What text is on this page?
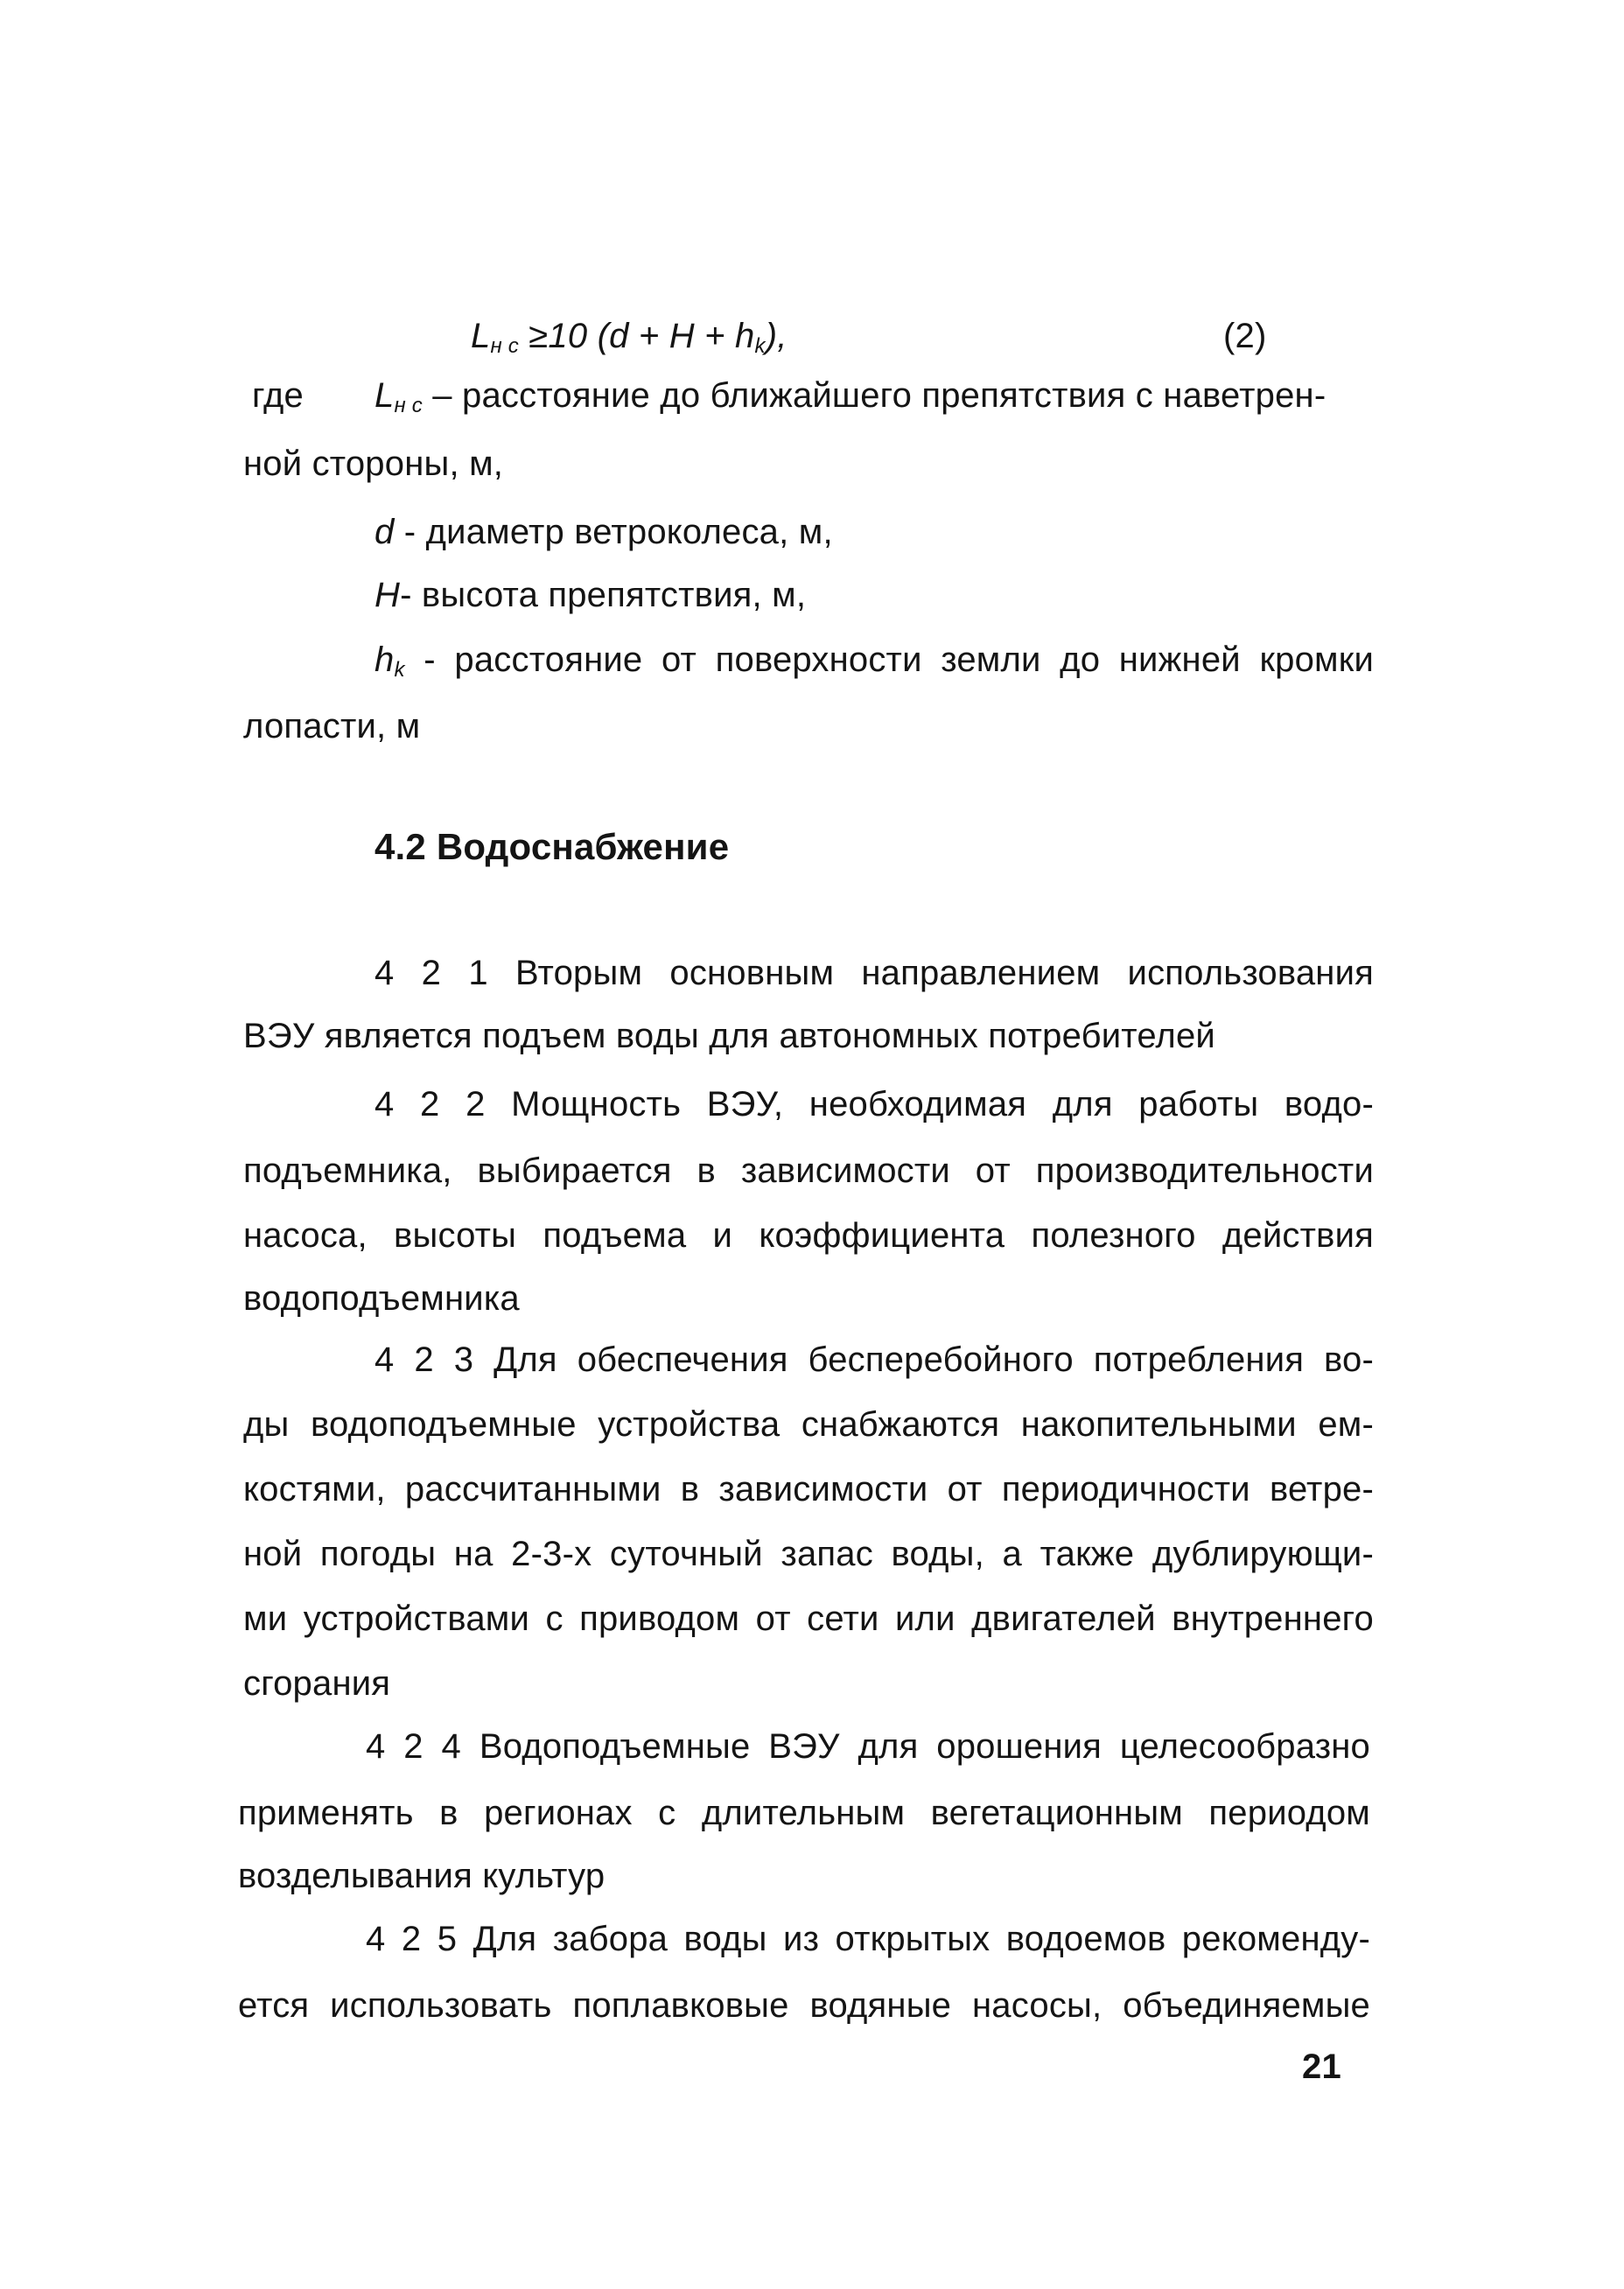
$L_{н с} \ge 10$ $(d + H + h_k)$,	(2)
где $L_{н с}$ – расстояние до ближайшего препятствия с наветрен-
ной стороны, м,
d - диаметр ветроколеса, м,
H- высота препятствия, м,
$h_k$ - расстояние от поверхности земли до нижней кромки
лопасти, м
4.2 Водоснабжение
4 2 1 Вторым основным направлением использования
ВЭУ является подъем воды для автономных потребителей
4 2 2 Мощность ВЭУ, необходимая для работы водо-
подъемника, выбирается в зависимости от производительности
насоса, высоты подъема и коэффициента полезного действия
водоподъемника
4 2 3 Для обеспечения бесперебойного потребления во-
ды водоподъемные устройства снабжаются накопительными ем-
костями, рассчитанными в зависимости от периодичности ветре-
ной погоды на 2-3-х суточный запас воды, а также дублирующи-
ми устройствами с приводом от сети или двигателей внутреннего
сгорания
4 2 4 Водоподъемные ВЭУ для орошения целесообразно
применять в регионах с длительным вегетационным периодом
возделывания культур
4 2 5 Для забора воды из открытых водоемов рекоменду-
ется использовать поплавковые водяные насосы, объединяемые
21
